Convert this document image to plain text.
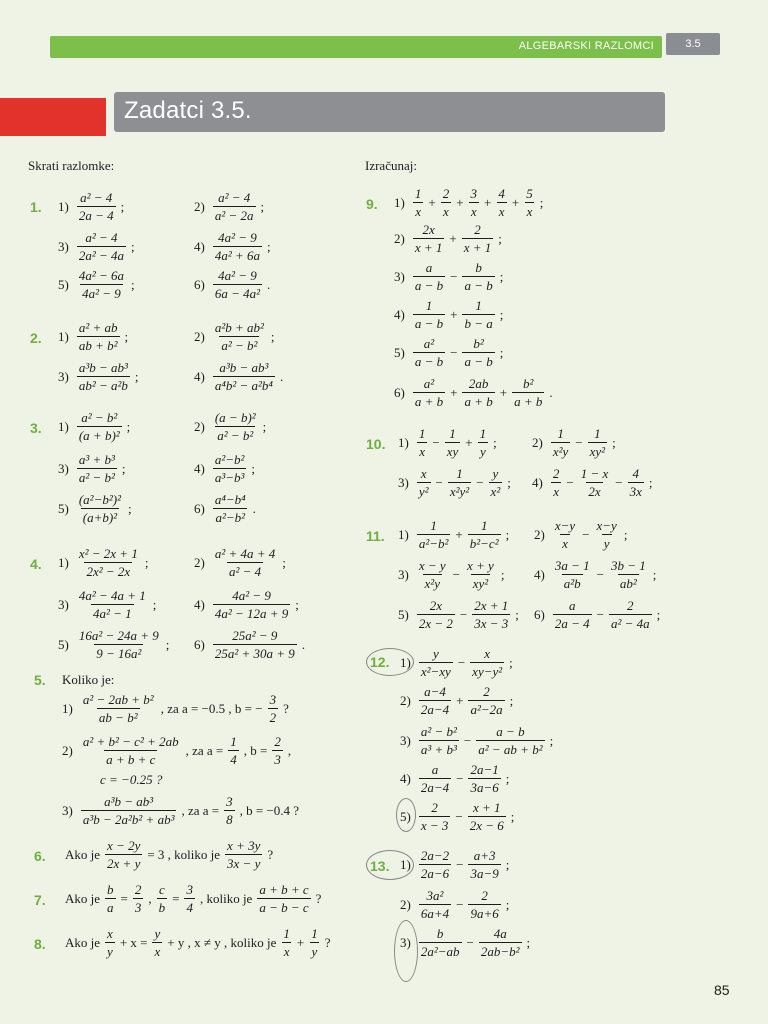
ALGEBARSKI RAZLOMCI	3.5
Zadatci 3.5.
Skrati razlomke:	Izračunaj:
1. $1) \frac{\text{a² − 4}}{2a - 4}$ ;	$2) \frac{\text{a² − 4}}{\text{a² − 2a}}$ ;
$3) \frac{\text{a² − 4}}{\text{2a² − 4a}}$ ;	$4) \frac{\text{4a² − 9}}{\text{4a² + 6a}}$ ;
$5) \frac{\text{4a² − 6a}}{\text{4a² − 9}}$ ;	$6) \frac{\text{4a² − 9}}{\text{6a − 4a²}}$ .
2. $1) \frac{\text{a² + ab}}{\text{ab + b²}}$ ;	$2) \frac{\text{a²b + ab²}}{\text{a² − b²}}$ ;
$3) \frac{\text{a³b − ab³}}{\text{ab² − a²b}}$ ;	$4) \frac{\text{a³b − ab³}}{\text{a⁴b² − a²b⁴}}$ .
3. $1) \frac{\text{a² − b²}}{\text{(a + b)²}}$ ;	$2) \frac{\text{(a − b)²}}{\text{a² − b²}}$ ;
$3) \frac{\text{a³ + b³}}{\text{a² − b²}}$ ;	$4) \frac{\text{a²−b²}}{\text{a³−b³}}$ ;
$5) \frac{\text{(a²−b²)²}}{\text{(a+b)²}}$ ;	$6) \frac{\text{a⁴−b⁴}}{\text{a²−b²}}$ .
4. $1) \frac{\text{x² − 2x + 1}}{\text{2x² − 2x}}$ ;	$2) \frac{\text{a² + 4a + 4}}{\text{a² − 4}}$ ;
$3) \frac{\text{4a² − 4a + 1}}{\text{4a² − 1}}$ ;	$4) \frac{\text{4a² − 9}}{\text{4a² − 12a + 9}}$ ;
$5) \frac{\text{16a² − 24a + 9}}{\text{9 − 16a²}}$ ; $6) \frac{\text{25a² − 9}}{\text{25a² + 30a + 9}}$ .
5. Koliko je:
$1) \frac{\text{a² − 2ab + b²}}{\text{ab − b²}}$ , za a = −0.5 , b = − $\frac{3}{2}$ ?
$2) \frac{\text{a² + b² − c² + 2ab}}{a + b + c}$ , za $a = \frac{1}{4}$ , $b = \frac{2}{3}$ ,
c = −0.25 ?
$3) \frac{\text{a³b − ab³}}{\text{a³b − 2a²b² + ab³}}$ , za $a = \frac{3}{8}$ , b = −0.4 ?
6. Ako je $\frac{x - 2y}{2x + y} = 3$ , koliko je $\frac{x + 3y}{3x - y}$ ?
7. Ako je $\frac{b}{a} = \frac{2}{3}$ , $\frac{c}{b} = \frac{3}{4}$ , koliko je $\frac{a + b + c}{a - b - c}$ ?
8. Ako je $\frac{x}{y} + x = \frac{y}{x} + y$ , x ≠ y , koliko je $\frac{1}{x} + \frac{1}{y}$ ?
9. $1) \frac{1}{x} + \frac{2}{x} + \frac{3}{x} + \frac{4}{x} + \frac{5}{x}$ ;
$2) \frac{2x}{x + 1} + \frac{2}{x + 1}$ ;
$3) \frac{a}{a - b} - \frac{b}{a - b}$ ;
$4) \frac{1}{a - b} + \frac{1}{b - a}$ ;
$5) \frac{\text{a²}}{a - b} - \frac{\text{b²}}{a - b}$ ;
$6) \frac{\text{a²}}{a + b} + \frac{2ab}{a + b} + \frac{\text{b²}}{a + b}$ .
10. $1) \frac{1}{x} - \frac{1}{xy} + \frac{1}{y}$ ;	$2) \frac{1}{\text{x²y}} - \frac{1}{\text{xy²}}$ ;
$3) \frac{x}{\text{y²}} - \frac{1}{\text{x²y²}} - \frac{y}{\text{x²}}$ ; $4) \frac{2}{x} - \frac{1 - x}{2x} - \frac{4}{3x}$ ;
11. $1) \frac{1}{\text{a²−b²}} + \frac{1}{\text{b²−c²}}$ ; $2) \frac{x-y}{x} - \frac{x-y}{y}$ ;
$3) \frac{x - y}{\text{x²y}} - \frac{x + y}{\text{xy²}}$ ; $4) \frac{3a - 1}{\text{a²b}} - \frac{3b - 1}{\text{ab²}}$ ;
$5) \frac{2x}{2x - 2} - \frac{2x + 1}{3x - 3}$ ; $6) \frac{a}{2a - 4} - \frac{2}{\text{a² − 4a}}$ ;
12. $1) \frac{y}{\text{x²−xy}} - \frac{x}{\text{xy−y²}}$ ;
$2) \frac{a-4}{2a-4} + \frac{2}{\text{a²−2a}}$ ;
$3) \frac{\text{a² − b²}}{\text{a³ + b³}} - \frac{a - b}{\text{a² − ab + b²}}$ ;
$4) \frac{a}{2a-4} - \frac{2a-1}{3a-6}$ ;
$5) \frac{2}{x - 3} - \frac{x + 1}{2x - 6}$ ;
13. $1) \frac{2a-2}{2a-6} - \frac{a+3}{3a-9}$ ;
$2) \frac{\text{3a²}}{6a+4} - \frac{2}{9a+6}$ ;
$3) \frac{b}{\text{2a²−ab}} - \frac{4a}{\text{2ab−b²}}$ ;
85
